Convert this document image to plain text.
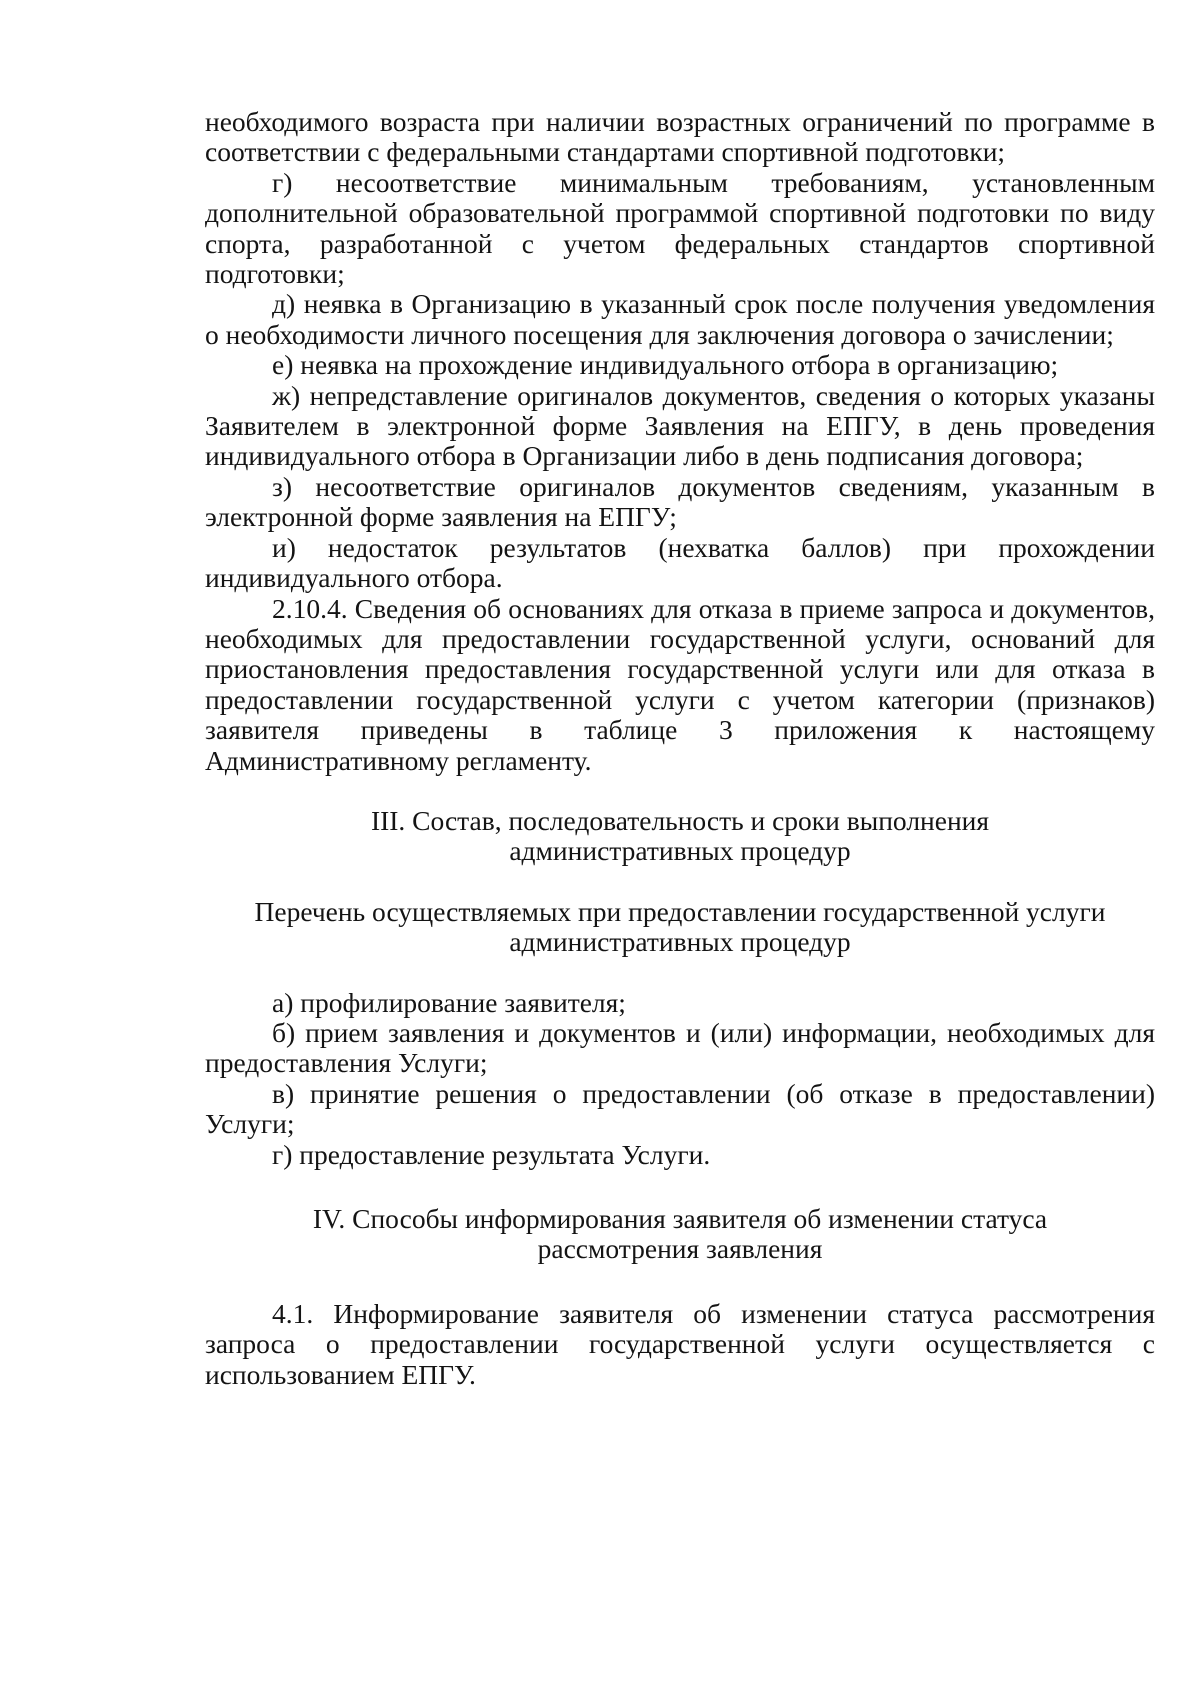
необходимого возраста при наличии возрастных ограничений по программе в соответствии с федеральными стандартами спортивной подготовки;

г) несоответствие минимальным требованиям, установленным дополнительной образовательной программой спортивной подготовки по виду спорта, разработанной с учетом федеральных стандартов спортивной подготовки;

д) неявка в Организацию в указанный срок после получения уведомления о необходимости личного посещения для заключения договора о зачислении;

е) неявка на прохождение индивидуального отбора в организацию;

ж) непредставление оригиналов документов, сведения о которых указаны Заявителем в электронной форме Заявления на ЕПГУ, в день проведения индивидуального отбора в Организации либо в день подписания договора;

з) несоответствие оригиналов документов сведениям, указанным в электронной форме заявления на ЕПГУ;

и) недостаток результатов (нехватка баллов) при прохождении индивидуального отбора.

2.10.4. Сведения об основаниях для отказа в приеме запроса и документов, необходимых для предоставлении государственной услуги, оснований для приостановления предоставления государственной услуги или для отказа в предоставлении государственной услуги с учетом категории (признаков) заявителя приведены в таблице 3 приложения к настоящему Административному регламенту.

III. Состав, последовательность и сроки выполнения
административных процедур
Перечень осуществляемых при предоставлении государственной услуги
административных процедур

а) профилирование заявителя;

б) прием заявления и документов и (или) информации, необходимых для предоставления Услуги;

в) принятие решения о предоставлении (об отказе в предоставлении) Услуги;

г) предоставление результата Услуги.

IV. Способы информирования заявителя об изменении статуса
рассмотрения заявления

4.1. Информирование заявителя об изменении статуса рассмотрения запроса о предоставлении государственной услуги осуществляется с использованием ЕПГУ.
